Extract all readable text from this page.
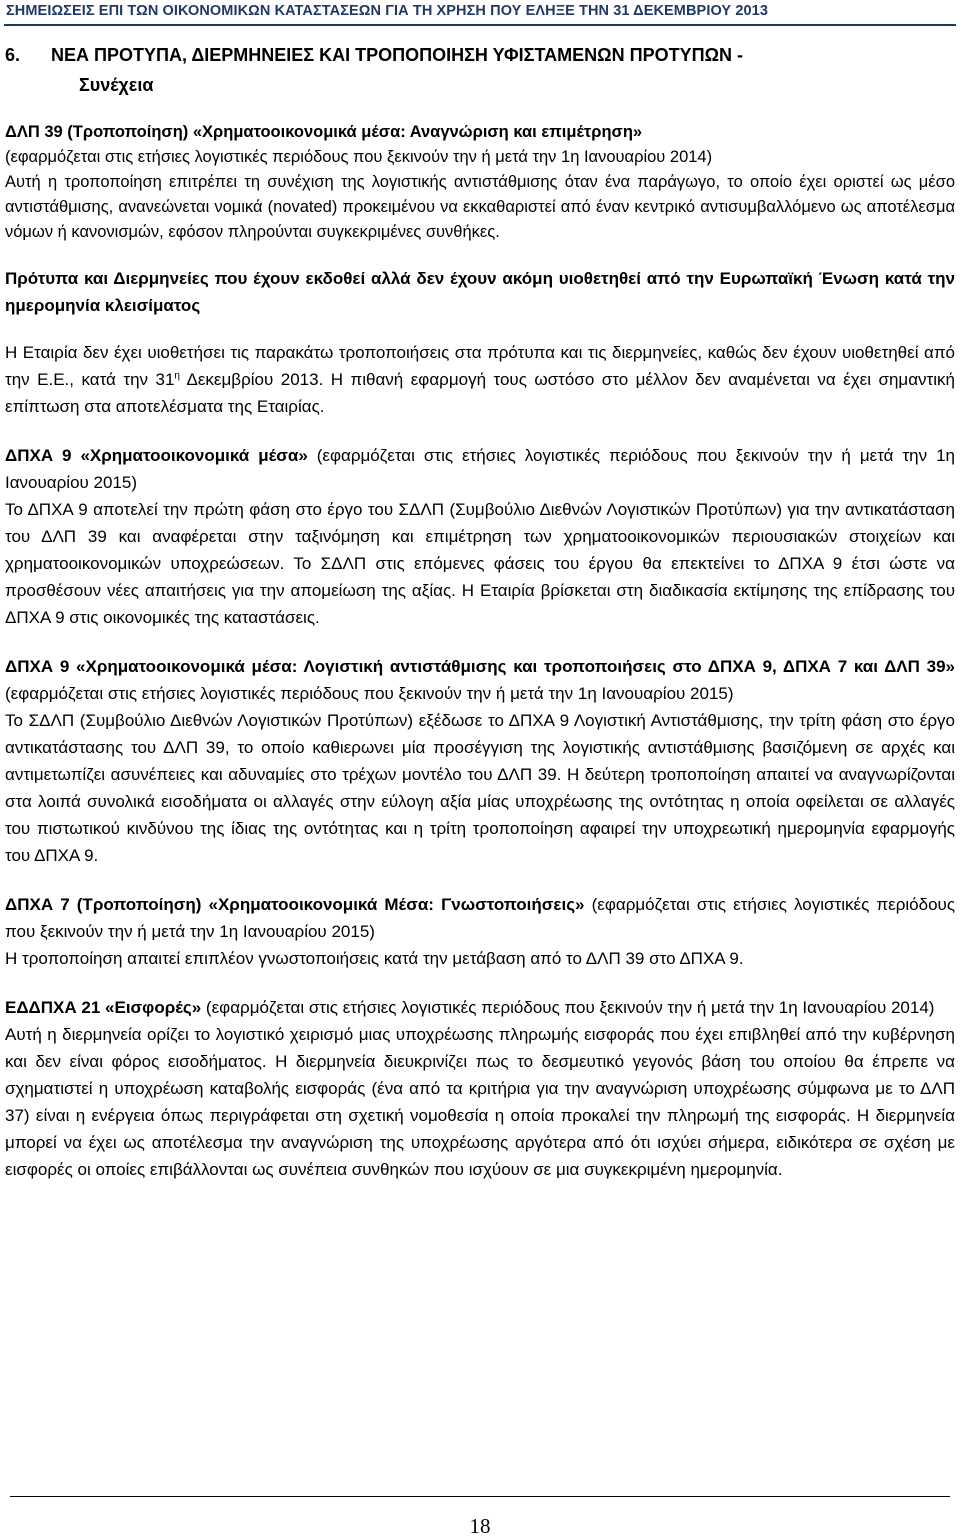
ΣΗΜΕΙΩΣΕΙΣ ΕΠΙ ΤΩΝ ΟΙΚΟΝΟΜΙΚΩΝ ΚΑΤΑΣΤΑΣΕΩΝ ΓΙΑ ΤΗ ΧΡΗΣΗ ΠΟΥ ΕΛΗΞΕ ΤΗΝ 31 ΔΕΚΕΜΒΡΙΟΥ 2013
6. ΝΕΑ ΠΡΟΤΥΠΑ, ΔΙΕΡΜΗΝΕΙΕΣ ΚΑΙ ΤΡΟΠΟΠΟΙΗΣΗ ΥΦΙΣΤΑΜΕΝΩΝ ΠΡΟΤΥΠΩΝ -
Συνέχεια

ΔΛΠ 39 (Τροποποίηση) «Χρηματοοικονομικά μέσα: Αναγνώριση και επιμέτρηση»

(εφαρμόζεται στις ετήσιες λογιστικές περιόδους που ξεκινούν την ή μετά την 1η Ιανουαρίου 2014)

Αυτή η τροποποίηση επιτρέπει τη συνέχιση της λογιστικής αντιστάθμισης όταν ένα παράγωγο, το οποίο έχει οριστεί ως μέσο αντιστάθμισης, ανανεώνεται νομικά (novated) προκειμένου να εκκαθαριστεί από έναν κεντρικό αντισυμβαλλόμενο ως αποτέλεσμα νόμων ή κανονισμών, εφόσον πληρούνται συγκεκριμένες συνθήκες.

Πρότυπα και Διερμηνείες που έχουν εκδοθεί αλλά δεν έχουν ακόμη υιοθετηθεί από την Ευρωπαϊκή Ένωση κατά την ημερομηνία κλεισίματος

Η Εταιρία δεν έχει υιοθετήσει τις παρακάτω τροποποιήσεις στα πρότυπα και τις διερμηνείες, καθώς δεν έχουν υιοθετηθεί από την Ε.Ε., κατά την $31^\eta$ Δεκεμβρίου 2013. Η πιθανή εφαρμογή τους ωστόσο στο μέλλον δεν αναμένεται να έχει σημαντική επίπτωση στα αποτελέσματα της Εταιρίας.

ΔΠΧΑ 9 «Χρηματοοικονομικά μέσα» (εφαρμόζεται στις ετήσιες λογιστικές περιόδους που ξεκινούν την ή μετά την 1η Ιανουαρίου 2015)

Το ΔΠΧΑ 9 αποτελεί την πρώτη φάση στο έργο του ΣΔΛΠ (Συμβούλιο Διεθνών Λογιστικών Προτύπων) για την αντικατάσταση του ΔΛΠ 39 και αναφέρεται στην ταξινόμηση και επιμέτρηση των χρηματοοικονομικών περιουσιακών στοιχείων και χρηματοοικονομικών υποχρεώσεων. Το ΣΔΛΠ στις επόμενες φάσεις του έργου θα επεκτείνει το ΔΠΧΑ 9 έτσι ώστε να προσθέσουν νέες απαιτήσεις για την απομείωση της αξίας. Η Εταιρία βρίσκεται στη διαδικασία εκτίμησης της επίδρασης του ΔΠΧΑ 9 στις οικονομικές της καταστάσεις.

ΔΠΧΑ 9 «Χρηματοοικονομικά μέσα: Λογιστική αντιστάθμισης και τροποποιήσεις στο ΔΠΧΑ 9, ΔΠΧΑ 7 και ΔΛΠ 39» (εφαρμόζεται στις ετήσιες λογιστικές περιόδους που ξεκινούν την ή μετά την 1η Ιανουαρίου 2015)

Το ΣΔΛΠ (Συμβούλιο Διεθνών Λογιστικών Προτύπων) εξέδωσε το ΔΠΧΑ 9 Λογιστική Αντιστάθμισης, την τρίτη φάση στο έργο αντικατάστασης του ΔΛΠ 39, το οποίο καθιερωνει μία προσέγγιση της λογιστικής αντιστάθμισης βασιζόμενη σε αρχές και αντιμετωπίζει ασυνέπειες και αδυναμίες στο τρέχων μοντέλο του ΔΛΠ 39. Η δεύτερη τροποποίηση απαιτεί να αναγνωρίζονται στα λοιπά συνολικά εισοδήματα οι αλλαγές στην εύλογη αξία μίας υποχρέωσης της οντότητας η οποία οφείλεται σε αλλαγές του πιστωτικού κινδύνου της ίδιας της οντότητας και η τρίτη τροποποίηση αφαιρεί την υποχρεωτική ημερομηνία εφαρμογής του ΔΠΧΑ 9.

ΔΠΧΑ 7 (Τροποποίηση) «Χρηματοοικονομικά Μέσα: Γνωστοποιήσεις» (εφαρμόζεται στις ετήσιες λογιστικές περιόδους που ξεκινούν την ή μετά την 1η Ιανουαρίου 2015)

Η τροποποίηση απαιτεί επιπλέον γνωστοποιήσεις κατά την μετάβαση από το ΔΛΠ 39 στο ΔΠΧΑ 9.

ΕΔΔΠΧΑ 21 «Εισφορές» (εφαρμόζεται στις ετήσιες λογιστικές περιόδους που ξεκινούν την ή μετά την 1η Ιανουαρίου 2014)

Αυτή η διερμηνεία ορίζει το λογιστικό χειρισμό μιας υποχρέωσης πληρωμής εισφοράς που έχει επιβληθεί από την κυβέρνηση και δεν είναι φόρος εισοδήματος. Η διερμηνεία διευκρινίζει πως το δεσμευτικό γεγονός βάση του οποίου θα έπρεπε να σχηματιστεί η υποχρέωση καταβολής εισφοράς (ένα από τα κριτήρια για την αναγνώριση υποχρέωσης σύμφωνα με το ΔΛΠ 37) είναι η ενέργεια όπως περιγράφεται στη σχετική νομοθεσία η οποία προκαλεί την πληρωμή της εισφοράς. Η διερμηνεία μπορεί να έχει ως αποτέλεσμα την αναγνώριση της υποχρέωσης αργότερα από ότι ισχύει σήμερα, ειδικότερα σε σχέση με εισφορές οι οποίες επιβάλλονται ως συνέπεια συνθηκών που ισχύουν σε μια συγκεκριμένη ημερομηνία.

18
